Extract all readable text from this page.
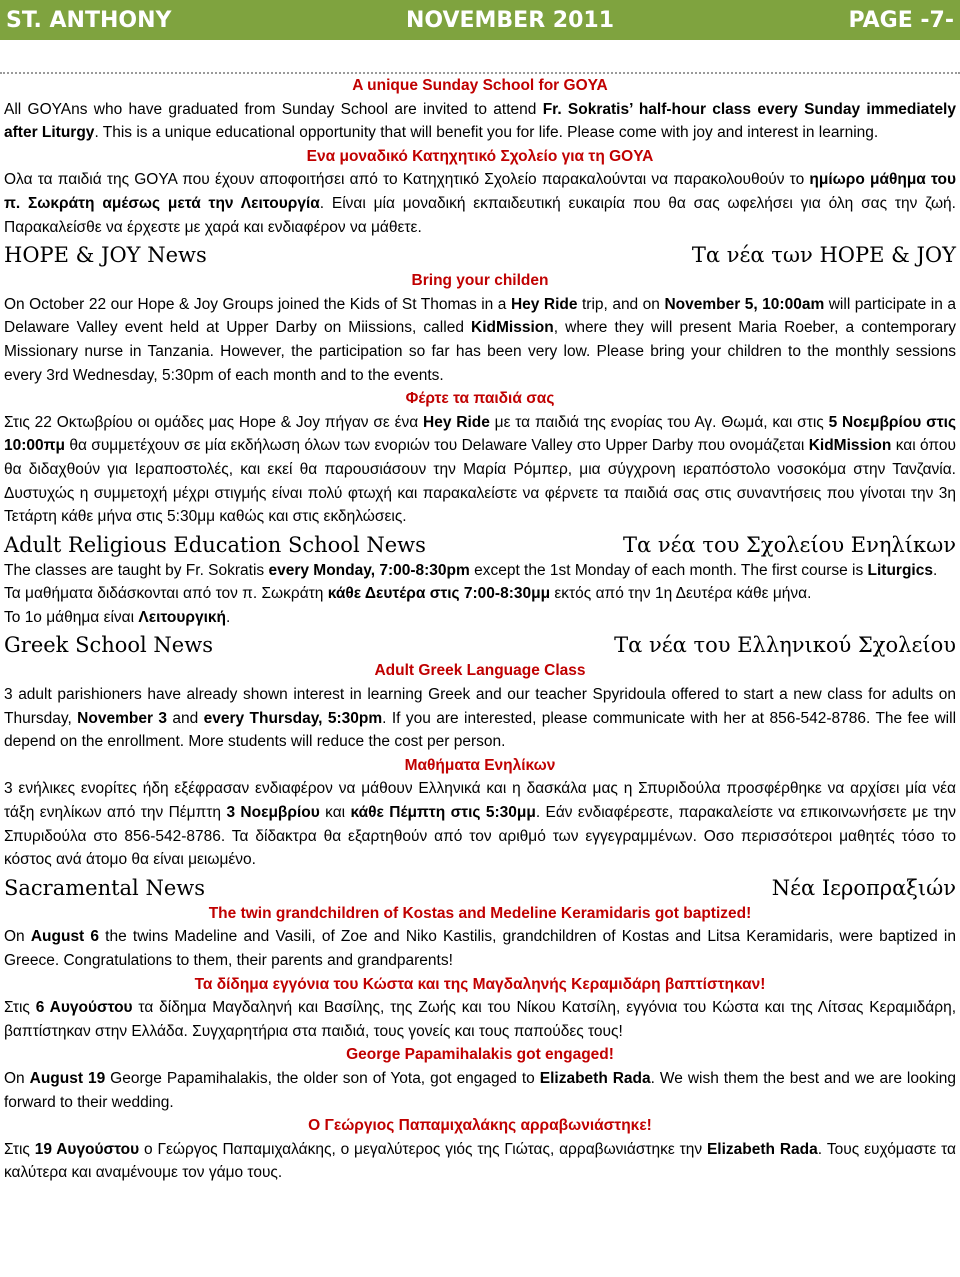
ST. ANTHONY	NOVEMBER 2011	PAGE -7-

A unique Sunday School for GOYA

All GOYAns who have graduated from Sunday School are invited to attend Fr. Sokratis’ half-hour class every Sunday immediately after Liturgy. This is a unique educational opportunity that will benefit you for life. Please come with joy and interest in learning.

Ενα μοναδικό Κατηχητικό Σχολείο για τη GOYA

Ολα τα παιδιά της GOYA που έχουν αποφοιτήσει από το Κατηχητικό Σχολείο παρακαλούνται να παρακολουθούν το ημίωρο μάθημα του π. Σωκράτη αμέσως μετά την Λειτουργία. Είναι μία μοναδική εκπαιδευτική ευκαιρία που θα σας ωφελήσει για όλη σας την ζωή. Παρακαλείσθε να έρχεστε με χαρά και ενδιαφέρον να μάθετε.

HOPE & JOY News	Τα νέα των HOPE & JOY

Bring your childen

On October 22 our Hope & Joy Groups joined the Kids of St Thomas in a Hey Ride trip, and on November 5, 10:00am will participate in a Delaware Valley event held at Upper Darby on Miissions, called KidMission, where they will present Maria Roeber, a contemporary Missionary nurse in Tanzania. However, the participation so far has been very low. Please bring your children to the monthly sessions every 3rd Wednesday, 5:30pm of each month and to the events.

Φέρτε τα παιδιά σας

Στις 22 Οκτωβρίου οι ομάδες μας Hope & Joy πήγαν σε ένα Hey Ride με τα παιδιά της ενορίας του Αγ. Θωμά, και στις 5 Νοεμβρίου στις 10:00πμ θα συμμετέχουν σε μία εκδήλωση όλων των ενοριών του Delaware Valley στο Upper Darby που ονομάζεται KidMission και όπου θα διδαχθούν για Ιεραποστολές, και εκεί θα παρουσιάσουν την Μαρία Ρόμπερ, μια σύγχρονη ιεραπόστολο νοσοκόμα στην Τανζανία. Δυστυχώς η συμμετοχή μέχρι στιγμής είναι πολύ φτωχή και παρακαλείστε να φέρνετε τα παιδιά σας στις συναντήσεις που γίνοται την 3η Τετάρτη κάθε μήνα στις 5:30μμ καθώς και στις εκδηλώσεις.

Adult Religious Education School News	Τα νέα του Σχολείου Ενηλίκων

The classes are taught by Fr. Sokratis every Monday, 7:00-8:30pm except the 1st Monday of each month. The first course is Liturgics.

Τα μαθήματα διδάσκονται από τον π. Σωκράτη κάθε Δευτέρα στις 7:00-8:30μμ εκτός από την 1η Δευτέρα κάθε μήνα.

Το 1ο μάθημα είναι Λειτουργική.

Greek School News	Τα νέα του Ελληνικού Σχολείου

Adult Greek Language Class

3 adult parishioners have already shown interest in learning Greek and our teacher Spyridoula offered to start a new class for adults on Thursday, November 3 and every Thursday, 5:30pm. If you are interested, please communicate with her at 856-542-8786. The fee will depend on the enrollment. More students will reduce the cost per person.

Μαθήματα Ενηλίκων

3 ενήλικες ενορίτες ήδη εξέφρασαν ενδιαφέρον να μάθουν Ελληνικά και η δασκάλα μας η Σπυριδούλα προσφέρθηκε να αρχίσει μία νέα τάξη ενηλίκων από την Πέμπτη 3 Νοεμβρίου και κάθε Πέμπτη στις 5:30μμ. Εάν ενδιαφέρεστε, παρακαλείστε να επικοινωνήσετε με την Σπυριδούλα στο 856-542-8786. Τα δίδακτρα θα εξαρτηθούν από τον αριθμό των εγγεγραμμένων. Οσο περισσότεροι μαθητές τόσο το κόστος ανά άτομο θα είναι μειωμένο.

Sacramental News	Νέα Ιεροπραξιών

The twin grandchildren of Kostas and Medeline Keramidaris got baptized!

On August 6 the twins Madeline and Vasili, of Zoe and Niko Kastilis, grandchildren of Kostas and Litsa Keramidaris, were baptized in Greece. Congratulations to them, their parents and grandparents!

Τα δίδημα εγγόνια του Κώστα και της Μαγδαληνής Κεραμιδάρη βαπτίστηκαν!

Στις 6 Αυγούστου τα δίδημα Μαγδαληνή και Βασίλης, της Ζωής και του Νίκου Κατσίλη, εγγόνια του Κώστα και της Λίτσας Κεραμιδάρη, βαπτίστηκαν στην Ελλάδα. Συγχαρητήρια στα παιδιά, τους γονείς και τους παπούδες τους!

George Papamihalakis got engaged!

On August 19 George Papamihalakis, the older son of Yota, got engaged to Elizabeth Rada. We wish them the best and we are looking forward to their wedding.

Ο Γεώργιος Παπαμιχαλάκης αρραβωνιάστηκε!

Στις 19 Αυγούστου ο Γεώργος Παπαμιχαλάκης, ο μεγαλύτερος γιός της Γιώτας, αρραβωνιάστηκε την Elizabeth Rada. Τους ευχόμαστε τα καλύτερα και αναμένουμε τον γάμο τους.
